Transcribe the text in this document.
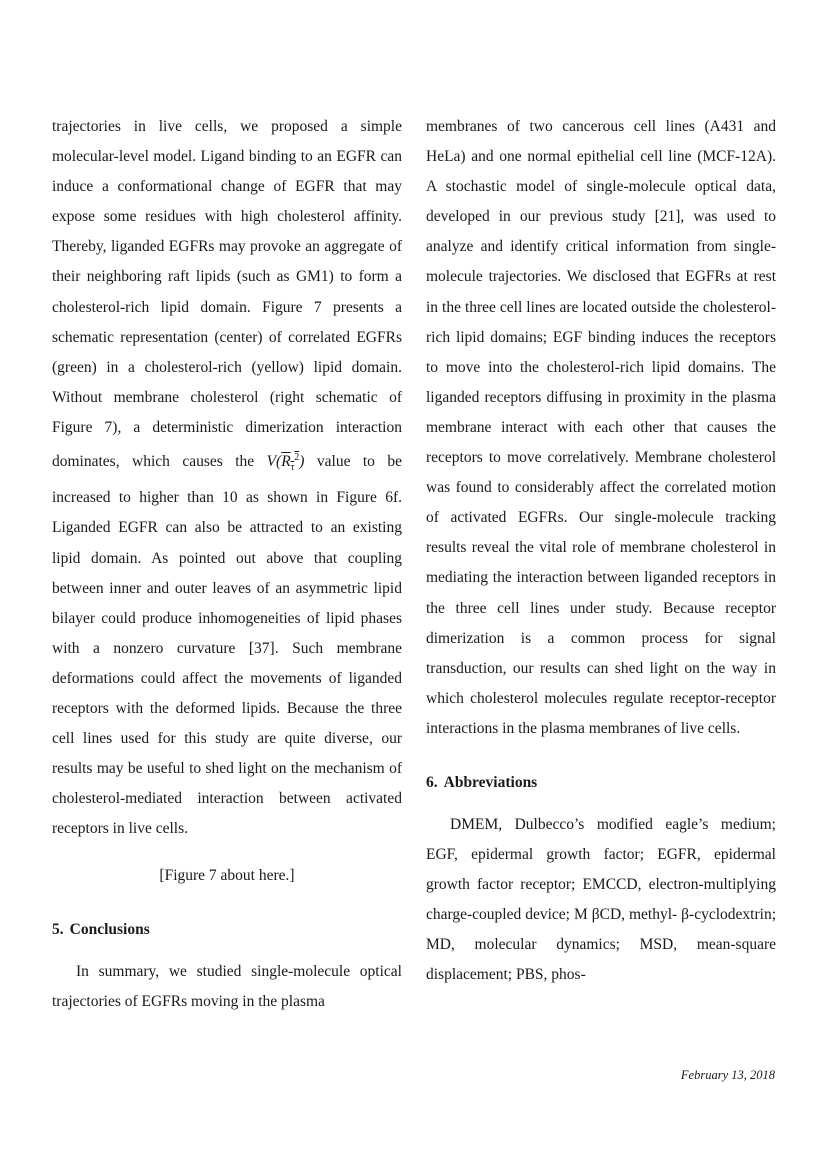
trajectories in live cells, we proposed a simple molecular-level model. Ligand binding to an EGFR can induce a conformational change of EGFR that may expose some residues with high cholesterol affinity. Thereby, liganded EGFRs may provoke an aggregate of their neighboring raft lipids (such as GM1) to form a cholesterol-rich lipid domain. Figure 7 presents a schematic representation (center) of correlated EGFRs (green) in a cholesterol-rich (yellow) lipid domain. Without membrane cholesterol (right schematic of Figure 7), a deterministic dimerization interaction dominates, which causes the $V(R_\tau^2)$ value to be increased to higher than 10 as shown in Figure 6f. Liganded EGFR can also be attracted to an existing lipid domain. As pointed out above that coupling between inner and outer leaves of an asymmetric lipid bilayer could produce inhomogeneities of lipid phases with a nonzero curvature [37]. Such membrane deformations could affect the movements of liganded receptors with the deformed lipids. Because the three cell lines used for this study are quite diverse, our results may be useful to shed light on the mechanism of cholesterol-mediated interaction between activated receptors in live cells.

[Figure 7 about here.]

5. Conclusions

In summary, we studied single-molecule optical trajectories of EGFRs moving in the plasma

membranes of two cancerous cell lines (A431 and HeLa) and one normal epithelial cell line (MCF-12A). A stochastic model of single-molecule optical data, developed in our previous study [21], was used to analyze and identify critical information from single-molecule trajectories. We disclosed that EGFRs at rest in the three cell lines are located outside the cholesterol-rich lipid domains; EGF binding induces the receptors to move into the cholesterol-rich lipid domains. The liganded receptors diffusing in proximity in the plasma membrane interact with each other that causes the receptors to move correlatively. Membrane cholesterol was found to considerably affect the correlated motion of activated EGFRs. Our single-molecule tracking results reveal the vital role of membrane cholesterol in mediating the interaction between liganded receptors in the three cell lines under study. Because receptor dimerization is a common process for signal transduction, our results can shed light on the way in which cholesterol molecules regulate receptor-receptor interactions in the plasma membranes of live cells.

6. Abbreviations

DMEM, Dulbecco’s modified eagle’s medium; EGF, epidermal growth factor; EGFR, epidermal growth factor receptor; EMCCD, electron-multiplying charge-coupled device; M βCD, methyl- β-cyclodextrin; MD, molecular dynamics; MSD, mean-square displacement; PBS, phos-

February 13, 2018
